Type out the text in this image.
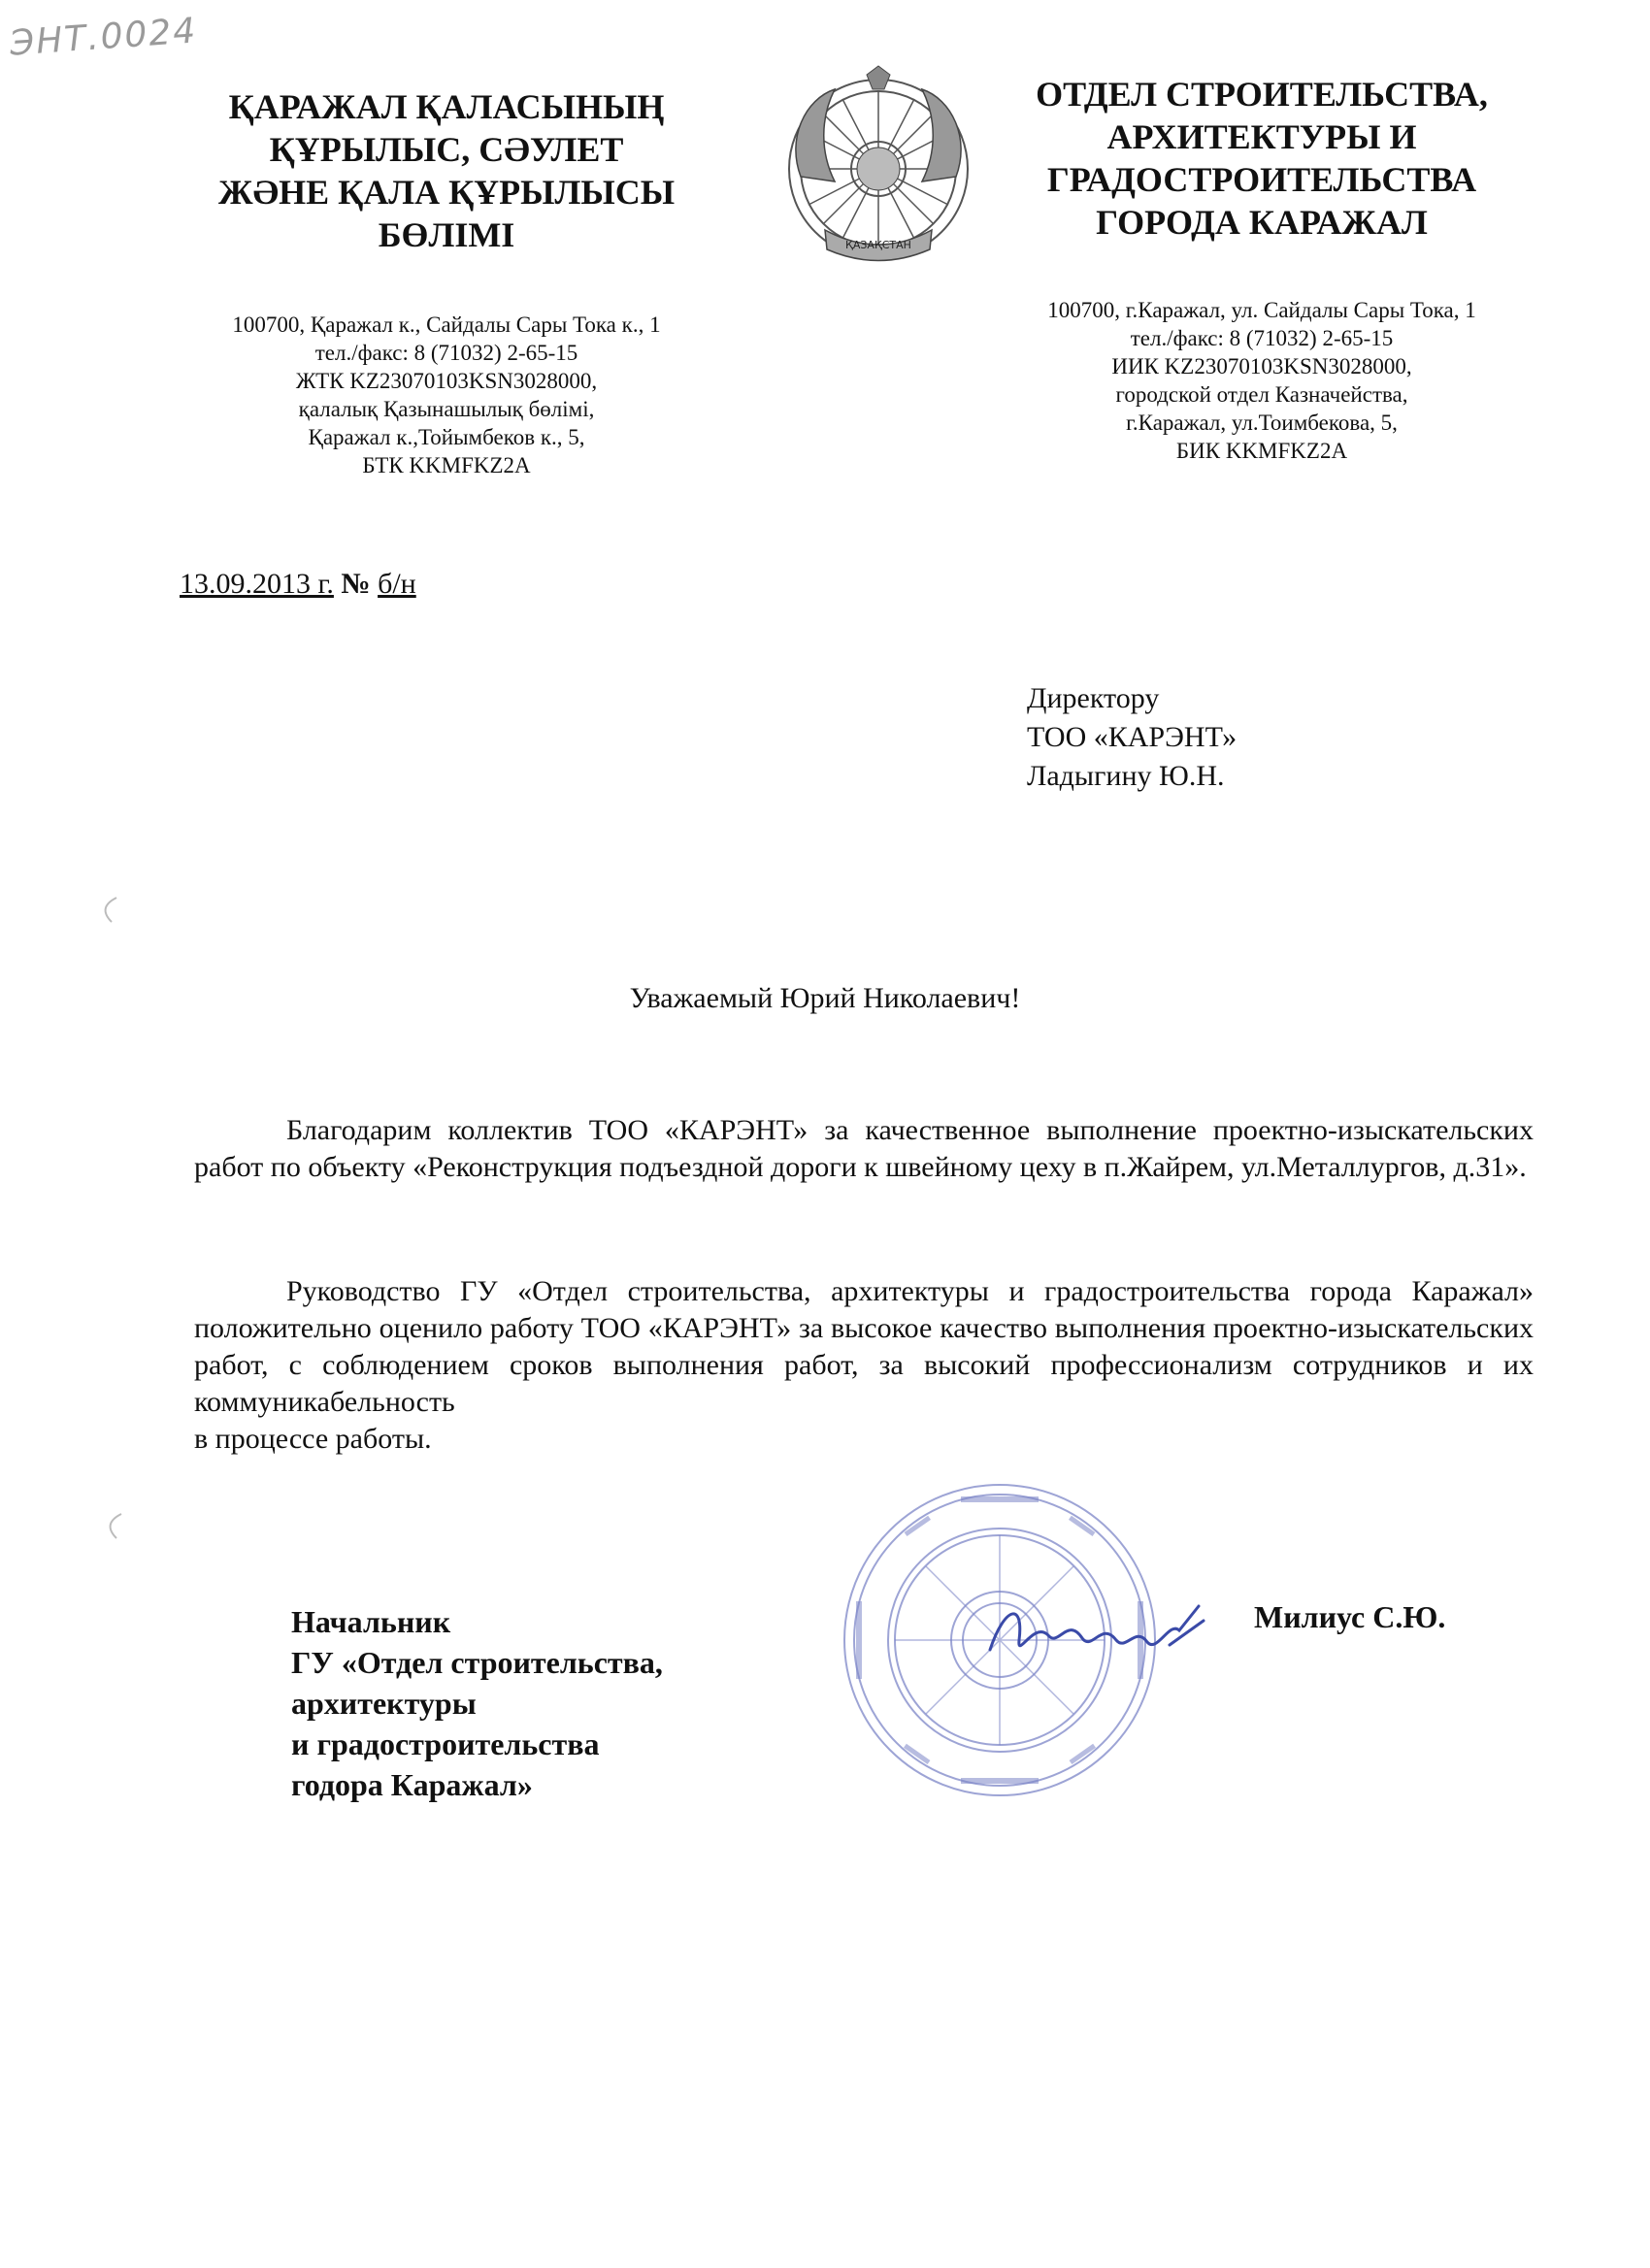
ЭНТ.0024
ҚАРАЖАЛ ҚАЛАСЫНЫҢ
ҚҰРЫЛЫС, СӘУЛЕТ
ЖӘНЕ ҚАЛА ҚҰРЫЛЫСЫ
БӨЛІМІ	ҚАЗАҚСТАН
ОТДЕЛ СТРОИТЕЛЬСТВА,
АРХИТЕКТУРЫ И
ГРАДОСТРОИТЕЛЬСТВА
ГОРОДА КАРАЖАЛ
100700, Қаражал к., Сайдалы Сары Тока к., 1
тел./факс: 8 (71032) 2-65-15
ЖТК KZ23070103KSN3028000,
қалалық Қазынашылық бөлімі,
Қаражал к.,Тойымбеков к., 5,
БТК KKMFKZ2A
100700, г.Каражал, ул. Сайдалы Сары Тока, 1
тел./факс: 8 (71032) 2-65-15
ИИК KZ23070103KSN3028000,
городской отдел Казначейства,
г.Каражал, ул.Тоимбекова, 5,
БИК KKMFKZ2A
13.09.2013 г. № б/н
Директору
ТОО «КАРЭНТ»
Ладыгину Ю.Н.
Уважаемый Юрий Николаевич!
Благодарим коллектив ТОО «КАРЭНТ» за качественное выполнение проектно-изыскательских работ по объекту «Реконструкция подъездной дороги к швейному цеху в п.Жайрем, ул.Металлургов, д.31».
Руководство ГУ «Отдел строительства, архитектуры и градостроительства города Каражал» положительно оценило работу ТОО «КАРЭНТ» за высокое качество выполнения проектно-изыскательских работ, с соблюдением сроков выполнения работ, за высокий профессионализм сотрудников и их коммуникабельность
в процессе работы.
Начальник
ГУ «Отдел строительства,
архитектуры
и градостроительства
годора Каражал»
Милиус С.Ю.
